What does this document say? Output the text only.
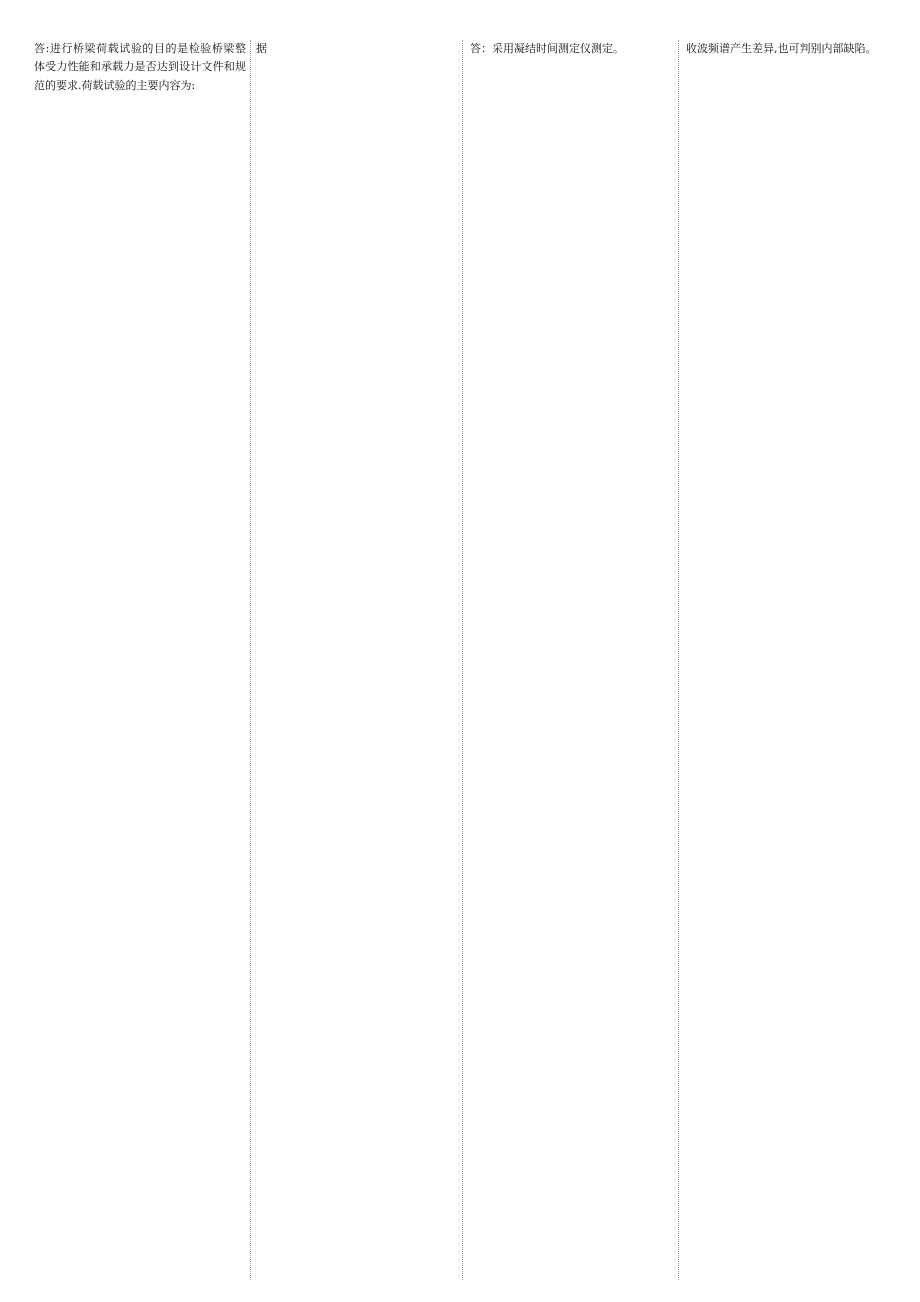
答:进行桥梁荷载试验的目的是检验桥梁整体受力性能和承载力是否达到设计文件和规范的要求.荷载试验的主要内容为:

据	答：采用凝结时间测定仪测定。	收波频谱产生差异,也可判别内部缺陷。
